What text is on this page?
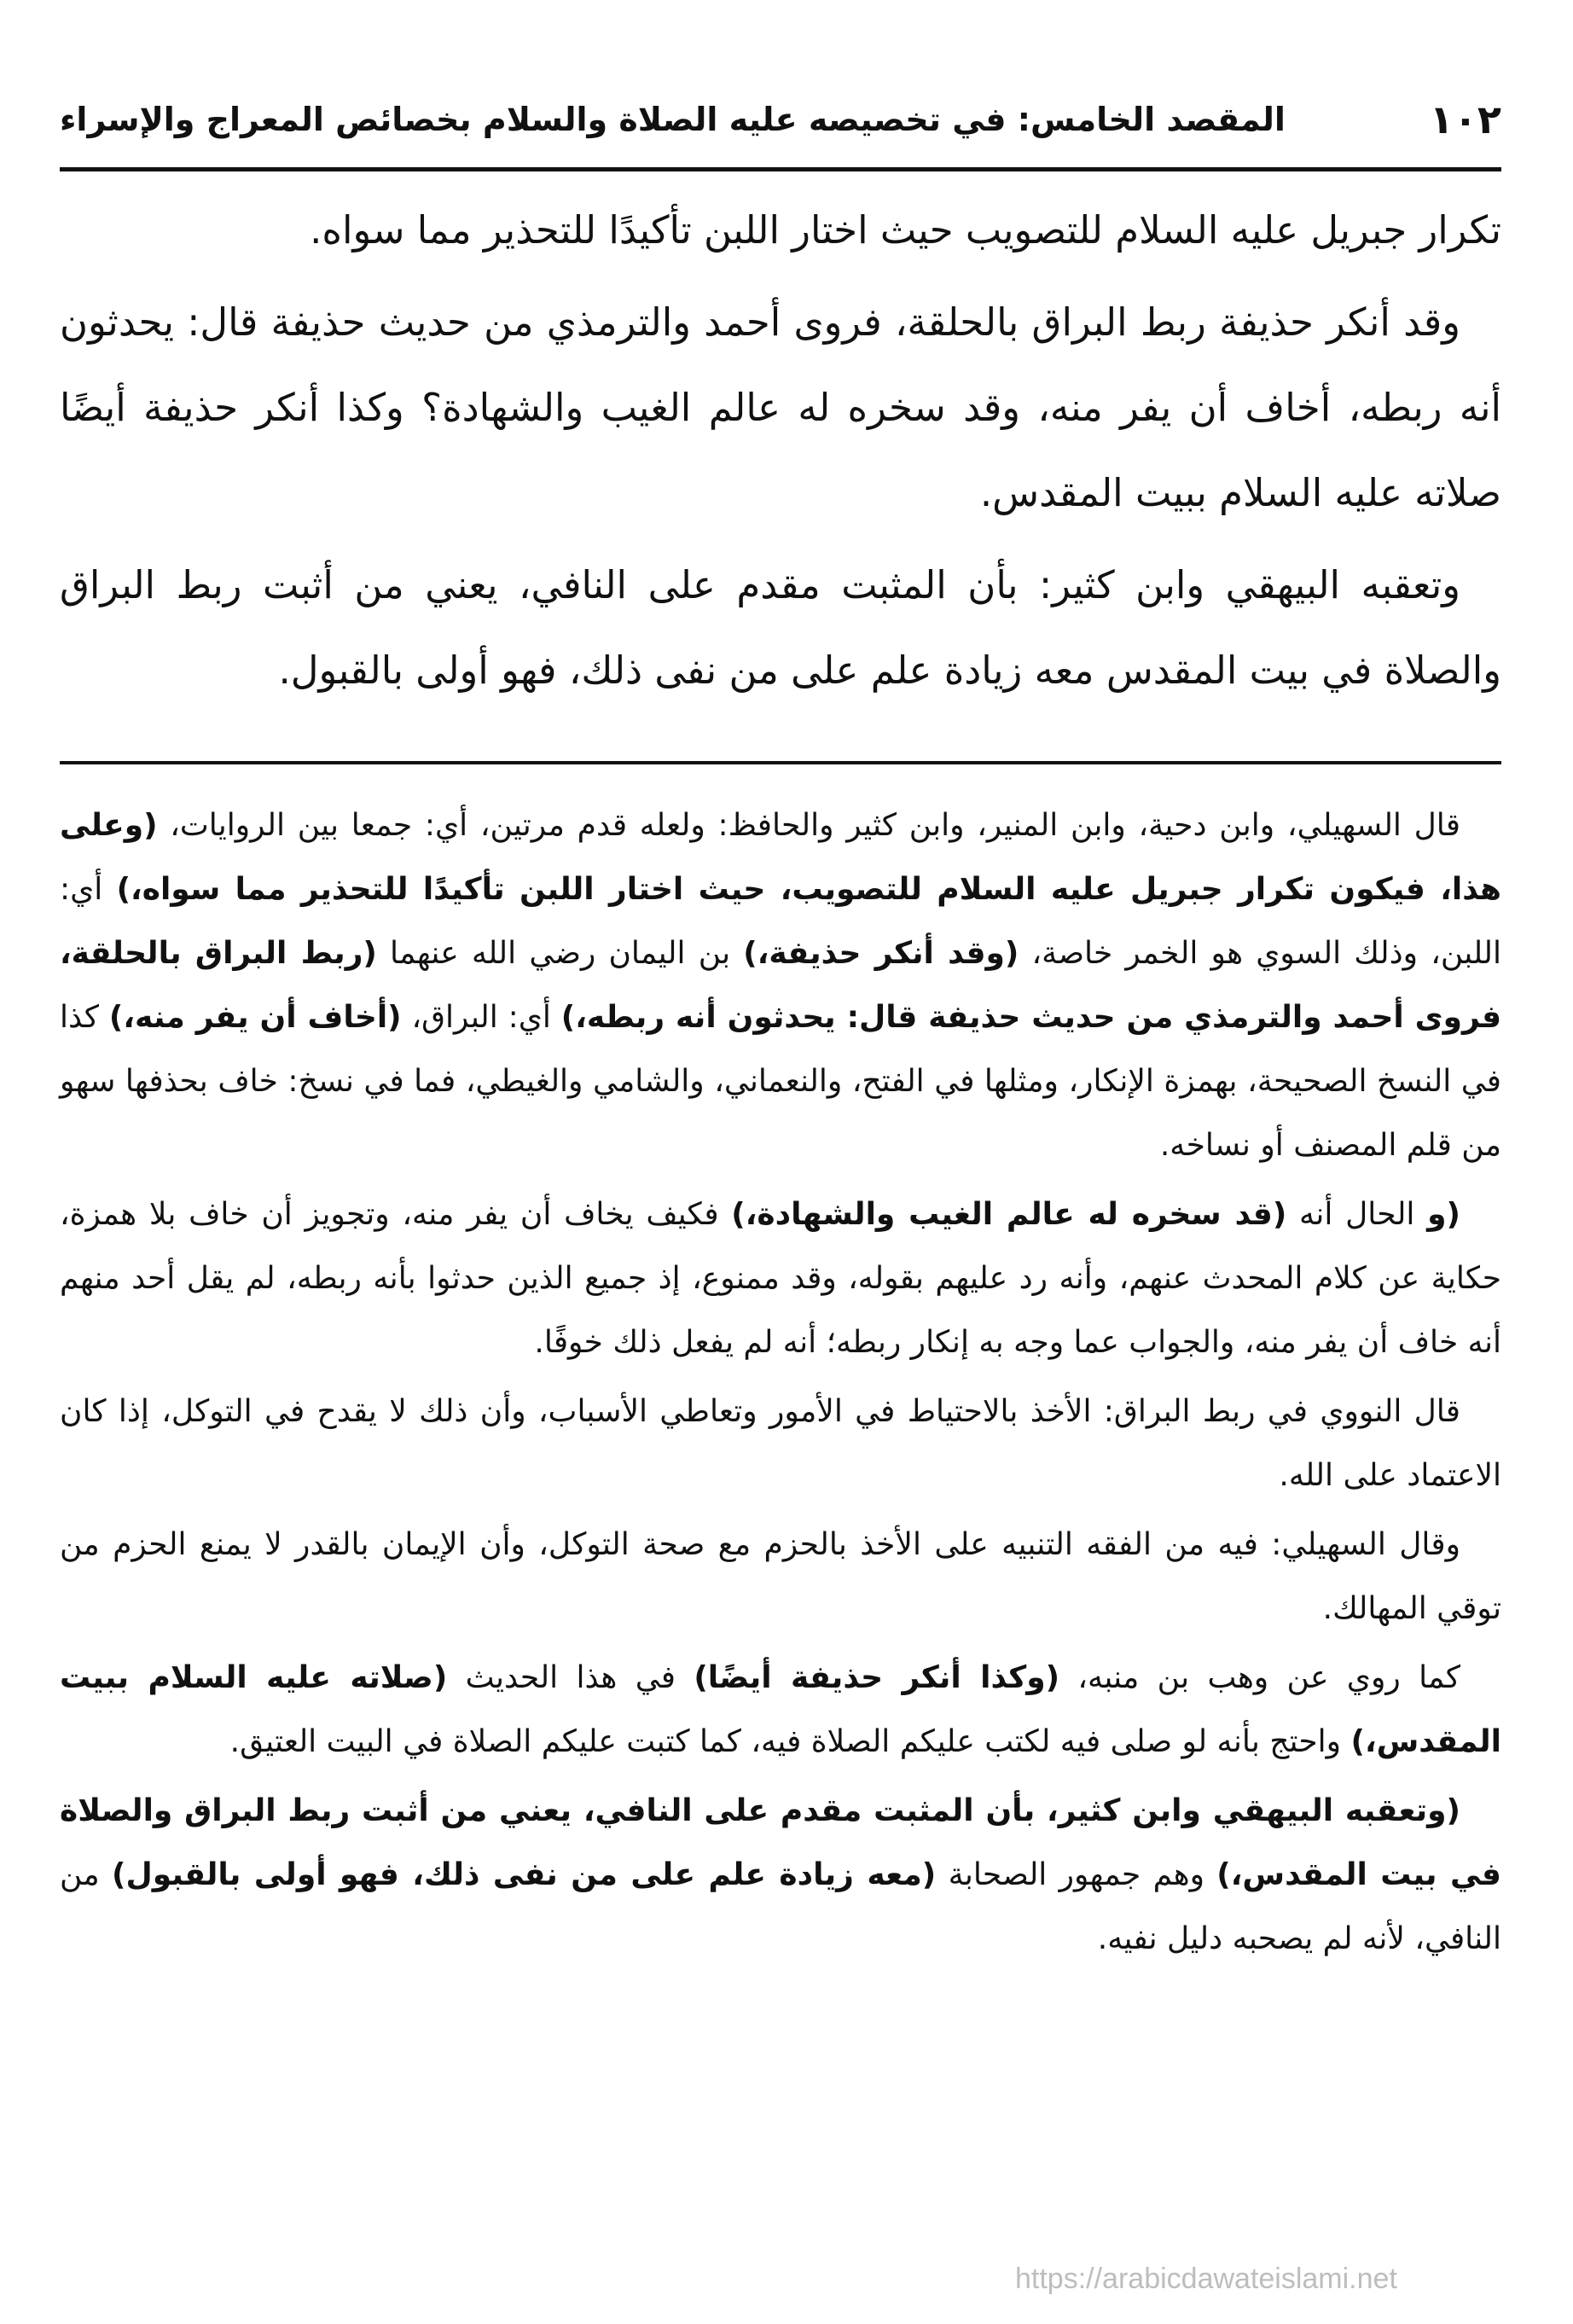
١٠٢
المقصد الخامس: في تخصيصه عليه الصلاة والسلام بخصائص المعراج والإسراء

تكرار جبريل عليه السلام للتصويب حيث اختار اللبن تأكيدًا للتحذير مما سواه.

وقد أنكر حذيفة ربط البراق بالحلقة، فروى أحمد والترمذي من حديث حذيفة قال: يحدثون أنه ربطه، أخاف أن يفر منه، وقد سخره له عالم الغيب والشهادة؟ وكذا أنكر حذيفة أيضًا صلاته عليه السلام ببيت المقدس.

وتعقبه البيهقي وابن كثير: بأن المثبت مقدم على النافي، يعني من أثبت ربط البراق والصلاة في بيت المقدس معه زيادة علم على من نفى ذلك، فهو أولى بالقبول.

قال السهيلي، وابن دحية، وابن المنير، وابن كثير والحافظ: ولعله قدم مرتين، أي: جمعا بين الروايات، (وعلى هذا، فيكون تكرار جبريل عليه السلام للتصويب، حيث اختار اللبن تأكيدًا للتحذير مما سواه،) أي: اللبن، وذلك السوي هو الخمر خاصة، (وقد أنكر حذيفة،) بن اليمان رضي الله عنهما (ربط البراق بالحلقة، فروى أحمد والترمذي من حديث حذيفة قال: يحدثون أنه ربطه،) أي: البراق، (أخاف أن يفر منه،) كذا في النسخ الصحيحة، بهمزة الإنكار، ومثلها في الفتح، والنعماني، والشامي والغيطي، فما في نسخ: خاف بحذفها سهو من قلم المصنف أو نساخه.

(و الحال أنه (قد سخره له عالم الغيب والشهادة،) فكيف يخاف أن يفر منه، وتجويز أن خاف بلا همزة، حكاية عن كلام المحدث عنهم، وأنه رد عليهم بقوله، وقد ممنوع، إذ جميع الذين حدثوا بأنه ربطه، لم يقل أحد منهم أنه خاف أن يفر منه، والجواب عما وجه به إنكار ربطه؛ أنه لم يفعل ذلك خوفًا.

قال النووي في ربط البراق: الأخذ بالاحتياط في الأمور وتعاطي الأسباب، وأن ذلك لا يقدح في التوكل، إذا كان الاعتماد على الله.

وقال السهيلي: فيه من الفقه التنبيه على الأخذ بالحزم مع صحة التوكل، وأن الإيمان بالقدر لا يمنع الحزم من توقي المهالك.

كما روي عن وهب بن منبه، (وكذا أنكر حذيفة أيضًا) في هذا الحديث (صلاته عليه السلام ببيت المقدس،) واحتج بأنه لو صلى فيه لكتب عليكم الصلاة فيه، كما كتبت عليكم الصلاة في البيت العتيق.

(وتعقبه البيهقي وابن كثير، بأن المثبت مقدم على النافي، يعني من أثبت ربط البراق والصلاة في بيت المقدس،) وهم جمهور الصحابة (معه زيادة علم على من نفى ذلك، فهو أولى بالقبول) من النافي، لأنه لم يصحبه دليل نفيه.

https://arabicdawateislami.net
